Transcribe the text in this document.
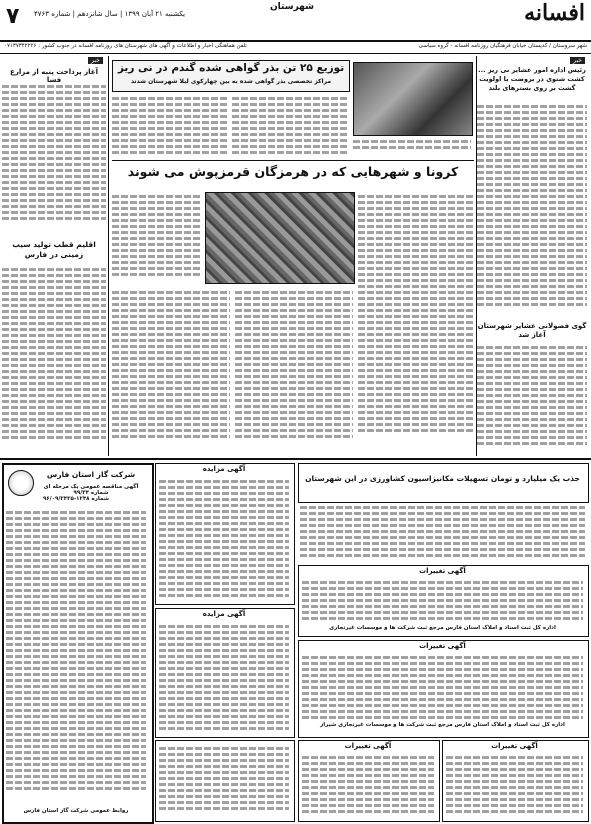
۷ یکشنبه ۲۱ آبان ۱۳۹۹ | سال شانزدهم | شماره ۴۷۶۳
شهرستان	افسانه
شهر سروستان / کدپستان خیابان فرهنگیان روزنامه افسانه - گروه سیاسی
تلفن هماهنگی اخبار و اطلاعات و آگهی های شهرستان های روزنامه افسانه در جنوب کشور : ۰۷۱۳۷۳۴۲۲۲۶
خبر
رئیس اداره امور عشایر نی ریز ... کشت شتوی در بروضت با اولویت گشت بر روی بسترهای بلند
گوی فضولانی عشایر شهرستان آغاز شد
توزیع ۲۵ تن بذر گواهی شده گندم در نی ریز
مراکز تخصصی بذر گواهی شده به بین چهارکوی لیلا شهرستان شدند
خبر
آغاز پرداخت پنبه از مزارع فسا
اقلیم قطب تولید سیب زمینی در فارس
کرونا و شهرهایی که در هرمزگان قرمزپوش می شوند
جذب یک میلیارد و تومان تسهیلات مکانیزاسیون کشاورزی در این شهرستان
آگهی تغییرات
اداره کل ثبت اسناد و املاک استان فارس مرجع ثبت شرکت ها و موسسات غیرتجاری
آگهی تغییرات
اداره کل ثبت اسناد و املاک استان فارس مرجع ثبت شرکت ها و موسسات غیرتجاری شیراز
آگهی مزایده
آگهی مزایده
آگهی تغییرات
آگهی تغییرات
شرکت گاز استان فارس
آگهی مناقصه عمومی یک مرحله ای شماره ۹۹/۳۴
شماره ۱۲۴۸-۹۶/۰۹/۲۴۲۵
روابط عمومی شرکت گاز استان فارس
